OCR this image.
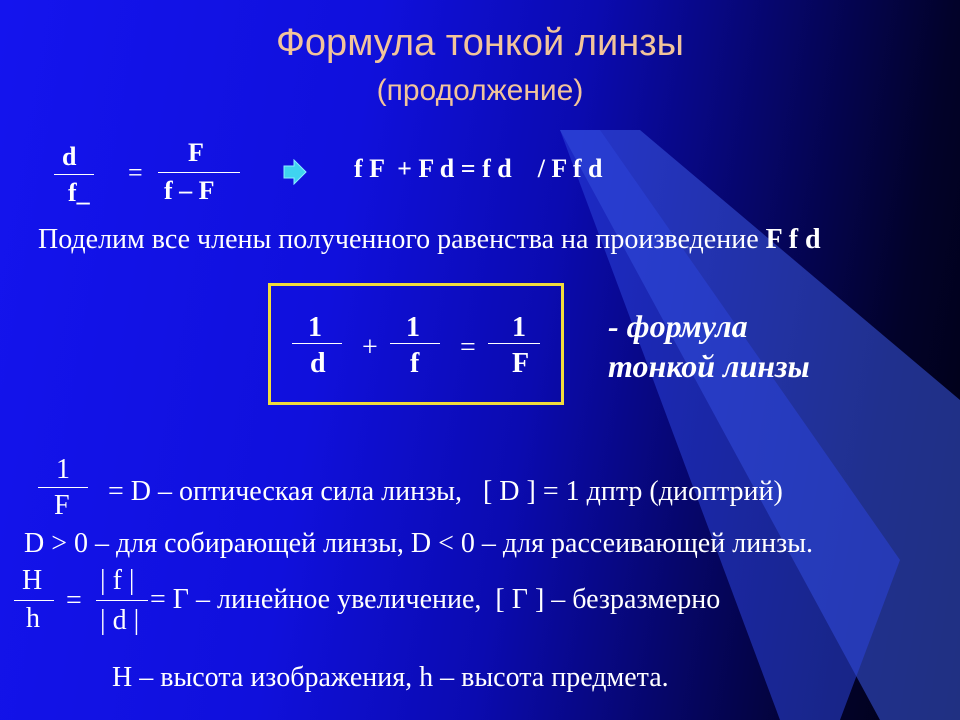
Формула тонкой линзы
(продолжение)
d
f_
=
F
f – F
f F  + F d = f d    / F f d
Поделим все члены полученного равенства на произведение F f d
1
d
+
1
f
=
1
F
- формула
тонкой линзы
1
F = D – оптическая сила линзы,   [ D ] = 1 дптр (диоптрий)
D > 0 – для собирающей линзы, D < 0 – для рассеивающей линзы.
H
h
=
| f |
| d |
= Г – линейное увеличение,  [ Г ] – безразмерно
H – высота изображения, h – высота предмета.
